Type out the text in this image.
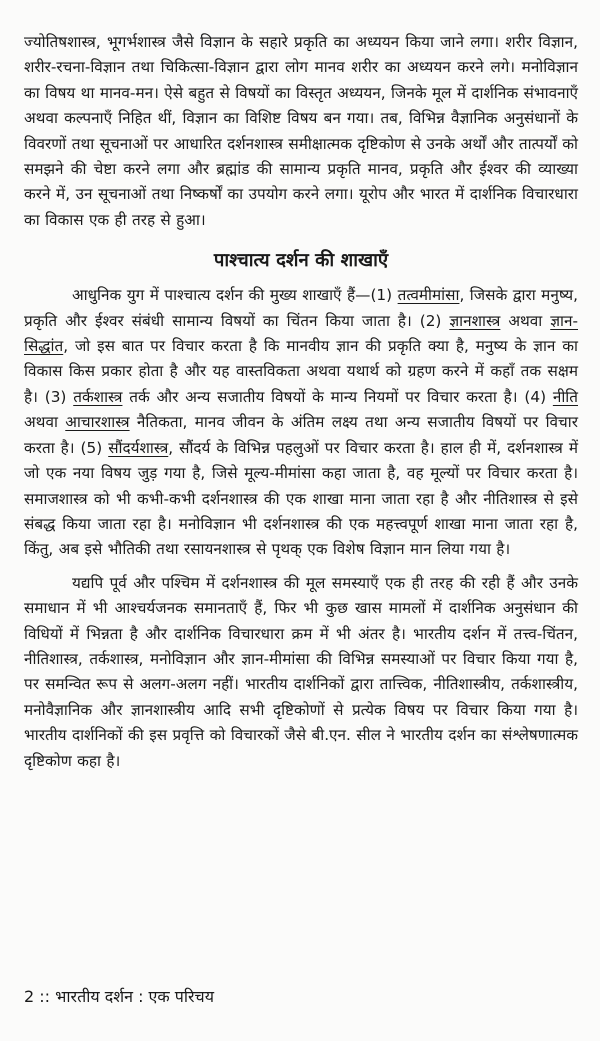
ज्योतिषशास्त्र, भूगर्भशास्त्र जैसे विज्ञान के सहारे प्रकृति का अध्ययन किया जाने लगा। शरीर विज्ञान, शरीर-रचना-विज्ञान तथा चिकित्सा-विज्ञान द्वारा लोग मानव शरीर का अध्ययन करने लगे। मनोविज्ञान का विषय था मानव-मन। ऐसे बहुत से विषयों का विस्तृत अध्ययन, जिनके मूल में दार्शनिक संभावनाएँ अथवा कल्पनाएँ निहित थीं, विज्ञान का विशिष्ट विषय बन गया। तब, विभिन्न वैज्ञानिक अनुसंधानों के विवरणों तथा सूचनाओं पर आधारित दर्शनशास्त्र समीक्षात्मक दृष्टिकोण से उनके अर्थों और तात्पर्यों को समझने की चेष्टा करने लगा और ब्रह्मांड की सामान्य प्रकृति मानव, प्रकृति और ईश्वर की व्याख्या करने में, उन सूचनाओं तथा निष्कर्षों का उपयोग करने लगा। यूरोप और भारत में दार्शनिक विचारधारा का विकास एक ही तरह से हुआ।

पाश्चात्य दर्शन की शाखाएँ

आधुनिक युग में पाश्चात्य दर्शन की मुख्य शाखाएँ हैं—(1) तत्वमीमांसा, जिसके द्वारा मनुष्य, प्रकृति और ईश्वर संबंधी सामान्य विषयों का चिंतन किया जाता है। (2) ज्ञानशास्त्र अथवा ज्ञान-सिद्धांत, जो इस बात पर विचार करता है कि मानवीय ज्ञान की प्रकृति क्या है, मनुष्य के ज्ञान का विकास किस प्रकार होता है और यह वास्तविकता अथवा यथार्थ को ग्रहण करने में कहाँ तक सक्षम है। (3) तर्कशास्त्र तर्क और अन्य सजातीय विषयों के मान्य नियमों पर विचार करता है। (4) नीति अथवा आचारशास्त्र नैतिकता, मानव जीवन के अंतिम लक्ष्य तथा अन्य सजातीय विषयों पर विचार करता है। (5) सौंदर्यशास्त्र, सौंदर्य के विभिन्न पहलुओं पर विचार करता है। हाल ही में, दर्शनशास्त्र में जो एक नया विषय जुड़ गया है, जिसे मूल्य-मीमांसा कहा जाता है, वह मूल्यों पर विचार करता है। समाजशास्त्र को भी कभी-कभी दर्शनशास्त्र की एक शाखा माना जाता रहा है और नीतिशास्त्र से इसे संबद्ध किया जाता रहा है। मनोविज्ञान भी दर्शनशास्त्र की एक महत्त्वपूर्ण शाखा माना जाता रहा है, किंतु, अब इसे भौतिकी तथा रसायनशास्त्र से पृथक् एक विशेष विज्ञान मान लिया गया है।

यद्यपि पूर्व और पश्चिम में दर्शनशास्त्र की मूल समस्याएँ एक ही तरह की रही हैं और उनके समाधान में भी आश्चर्यजनक समानताएँ हैं, फिर भी कुछ खास मामलों में दार्शनिक अनुसंधान की विधियों में भिन्नता है और दार्शनिक विचारधारा क्रम में भी अंतर है। भारतीय दर्शन में तत्त्व-चिंतन, नीतिशास्त्र, तर्कशास्त्र, मनोविज्ञान और ज्ञान-मीमांसा की विभिन्न समस्याओं पर विचार किया गया है, पर समन्वित रूप से अलग-अलग नहीं। भारतीय दार्शनिकों द्वारा तात्त्विक, नीतिशास्त्रीय, तर्कशास्त्रीय, मनोवैज्ञानिक और ज्ञानशास्त्रीय आदि सभी दृष्टिकोणों से प्रत्येक विषय पर विचार किया गया है। भारतीय दार्शनिकों की इस प्रवृत्ति को विचारकों जैसे बी.एन. सील ने भारतीय दर्शन का संश्लेषणात्मक दृष्टिकोण कहा है।

2 :: भारतीय दर्शन : एक परिचय
